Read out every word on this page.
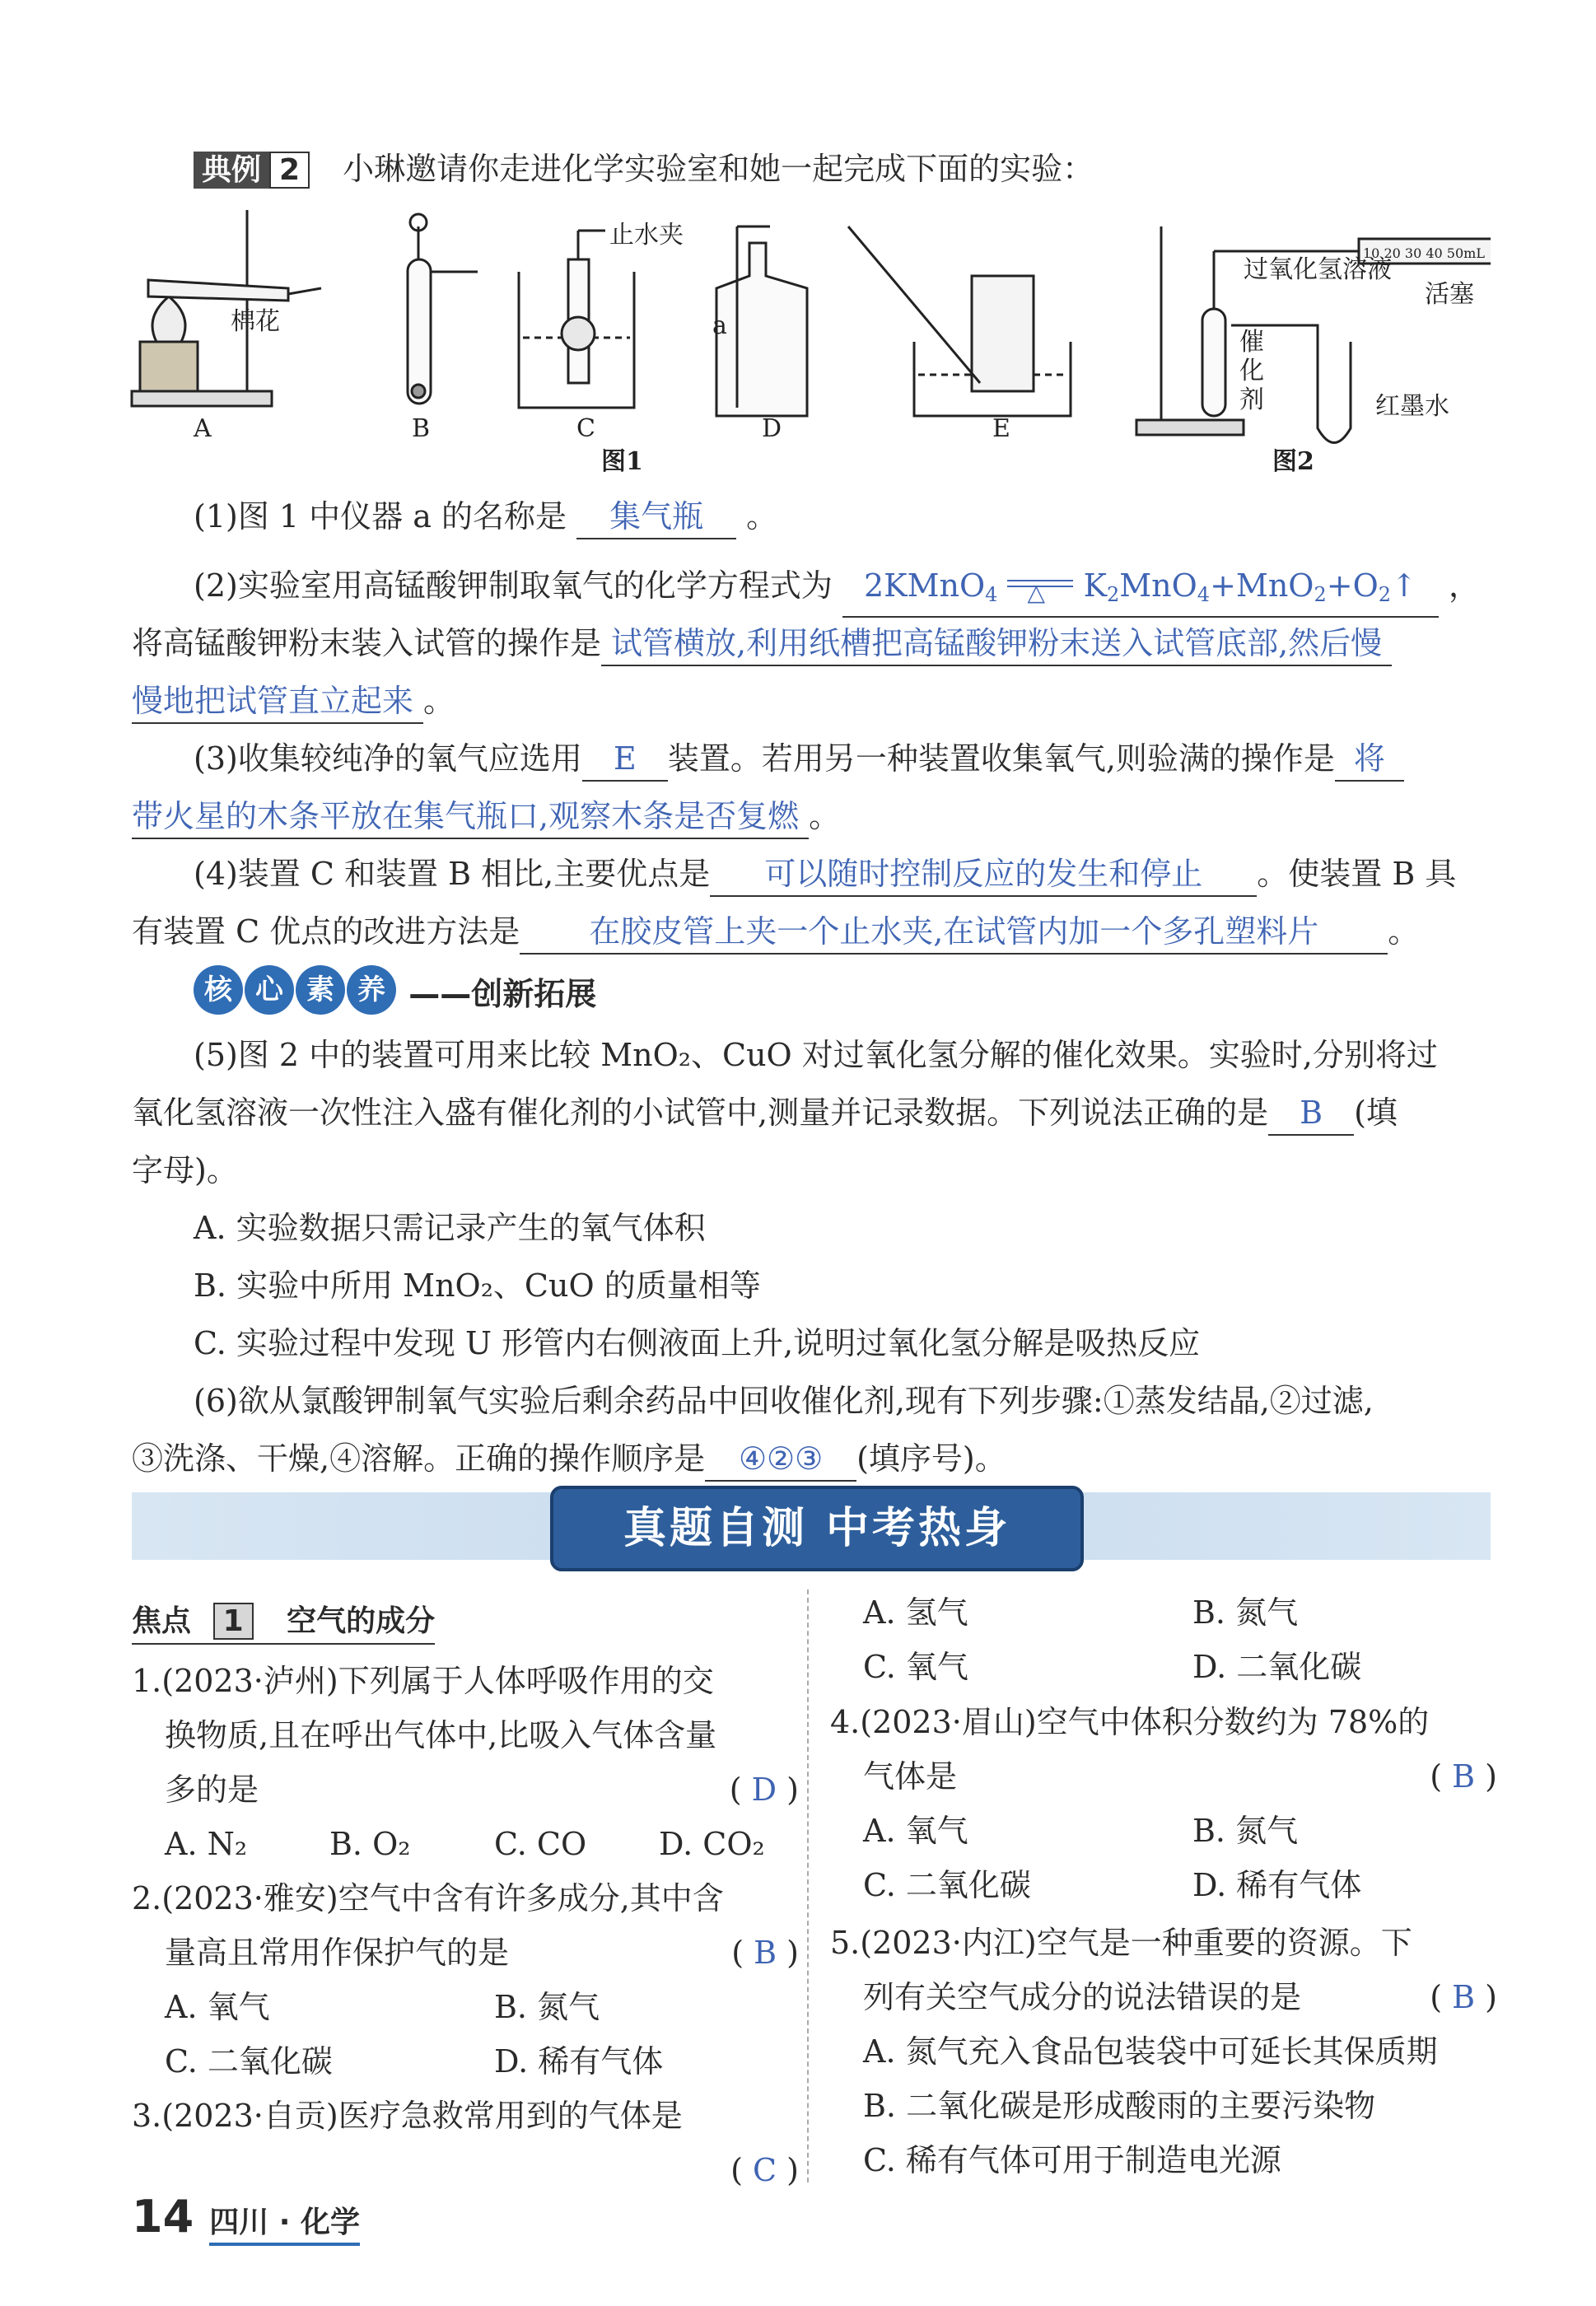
典例 2 小琳邀请你走进化学实验室和她一起完成下面的实验：
棉花
止水夹
a
过氧化氢溶液
活塞
催
化
剂	红墨水
10 20 30 40 50mL
A	B	C	D	E
图1	图2
(1)图 1 中仪器 a 的名称是 集气瓶 。
(2)实验室用高锰酸钾制取氧气的化学方程式为 2KMnO$_4$ △ $K_2MnO_4+MnO_2+O_2↑$ ，
将高锰酸钾粉末装入试管的操作是 试管横放,利用纸槽把高锰酸钾粉末送入试管底部,然后慢
慢地把试管直立起来 。
(3)收集较纯净的氧气应选用 E 装置。若用另一种装置收集氧气,则验满的操作是 将
带火星的木条平放在集气瓶口,观察木条是否复燃 。
(4)装置 C 和装置 B 相比,主要优点是 可以随时控制反应的发生和停止 。使装置 B 具
有装置 C 优点的改进方法是 在胶皮管上夹一个止水夹,在试管内加一个多孔塑料片 。
核 心 素 养 ——创新拓展
(5)图 2 中的装置可用来比较 MnO₂、CuO 对过氧化氢分解的催化效果。实验时,分别将过
氧化氢溶液一次性注入盛有催化剂的小试管中,测量并记录数据。下列说法正确的是 B (填
字母)。
A. 实验数据只需记录产生的氧气体积
B. 实验中所用 MnO₂、CuO 的质量相等
C. 实验过程中发现 U 形管内右侧液面上升,说明过氧化氢分解是吸热反应
(6)欲从氯酸钾制氧气实验后剩余药品中回收催化剂,现有下列步骤:①蒸发结晶,②过滤,
③洗涤、干燥,④溶解。正确的操作顺序是 ④②③ (填序号)。
真题自测 中考热身
焦点 1 空气的成分
1.(2023·泸州)下列属于人体呼吸作用的交
换物质,且在呼出气体中,比吸入气体含量
多的是	( D )
A. N₂	B. O₂	C. CO D. CO₂
2.(2023·雅安)空气中含有许多成分,其中含
量高且常用作保护气的是	( B )
A. 氧气	B. 氮气
C. 二氧化碳	D. 稀有气体
3.(2023·自贡)医疗急救常用到的气体是
( C )
A. 氢气	B. 氮气
C. 氧气	D. 二氧化碳
4.(2023·眉山)空气中体积分数约为 78%的
气体是	( B )
A. 氧气	B. 氮气
C. 二氧化碳	D. 稀有气体
5.(2023·内江)空气是一种重要的资源。下
列有关空气成分的说法错误的是	( B )
A. 氮气充入食品包装袋中可延长其保质期
B. 二氧化碳是形成酸雨的主要污染物
C. 稀有气体可用于制造电光源
14 四川 · 化学
